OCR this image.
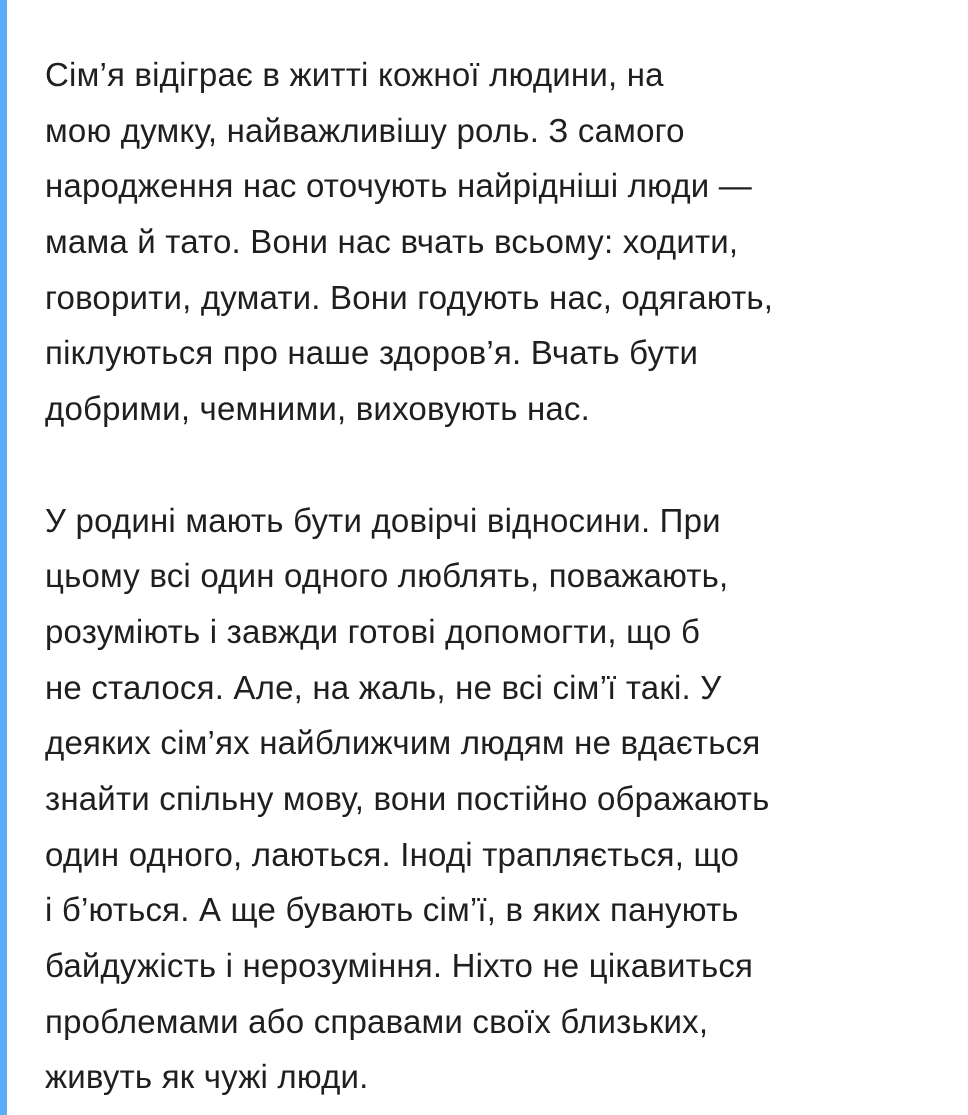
Сім’я відіграє в житті кожної людини, на
мою думку, найважливішу роль. З самого
народження нас оточують найрідніші люди —
мама й тато. Вони нас вчать всьому: ходити,
говорити, думати. Вони годують нас, одягають,
піклуються про наше здоров’я. Вчать бути
добрими, чемними, виховують нас.
У родині мають бути довірчі відносини. При
цьому всі один одного люблять, поважають,
розуміють і завжди готові допомогти, що б
не сталося. Але, на жаль, не всі сім’ї такі. У
деяких сім’ях найближчим людям не вдається
знайти спільну мову, вони постійно ображають
один одного, лаються. Іноді трапляється, що
і б’ються. А ще бувають сім’ї, в яких панують
байдужість і нерозуміння. Ніхто не цікавиться
проблемами або справами своїх близьких,
живуть як чужі люди.
